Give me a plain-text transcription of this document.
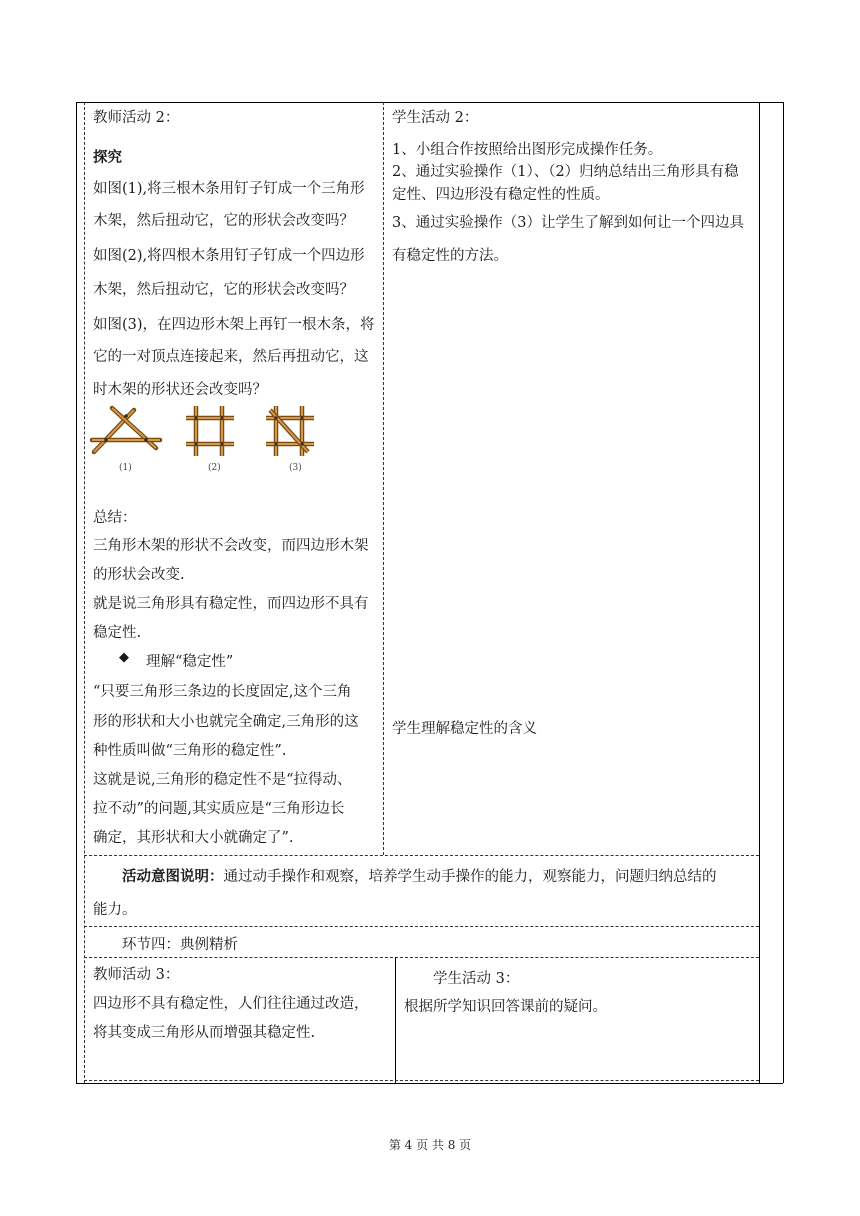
教师活动 2：
探究
如图(1),将三根木条用钉子钉成一个三角形
木架，然后扭动它，它的形状会改变吗？
如图(2),将四根木条用钉子钉成一个四边形
木架，然后扭动它，它的形状会改变吗？
如图(3)，在四边形木架上再钉一根木条，将
它的一对顶点连接起来，然后再扭动它，这
时木架的形状还会改变吗？
(1)	(2)	(3)
总结：
三角形木架的形状不会改变，而四边形木架
的形状会改变.
就是说三角形具有稳定性，而四边形不具有
稳定性.
◆ 理解“稳定性”
“只要三角形三条边的长度固定,这个三角
形的形状和大小也就完全确定,三角形的这
种性质叫做“三角形的稳定性”.
这就是说,三角形的稳定性不是“拉得动、
拉不动”的问题,其实质应是“三角形边长
确定，其形状和大小就确定了”.
学生活动 2：
1、小组合作按照给出图形完成操作任务。
2、通过实验操作（1）、（2）归纳总结出三角形具有稳
定性、四边形没有稳定性的性质。
3、通过实验操作（3）让学生了解到如何让一个四边具
有稳定性的方法。
学生理解稳定性的含义
活动意图说明：通过动手操作和观察，培养学生动手操作的能力，观察能力，问题归纳总结的
能力。
环节四：典例精析
教师活动 3：
四边形不具有稳定性，人们往往通过改造，
将其变成三角形从而增强其稳定性.
学生活动 3：
根据所学知识回答课前的疑问。
第 4 页 共 8 页
